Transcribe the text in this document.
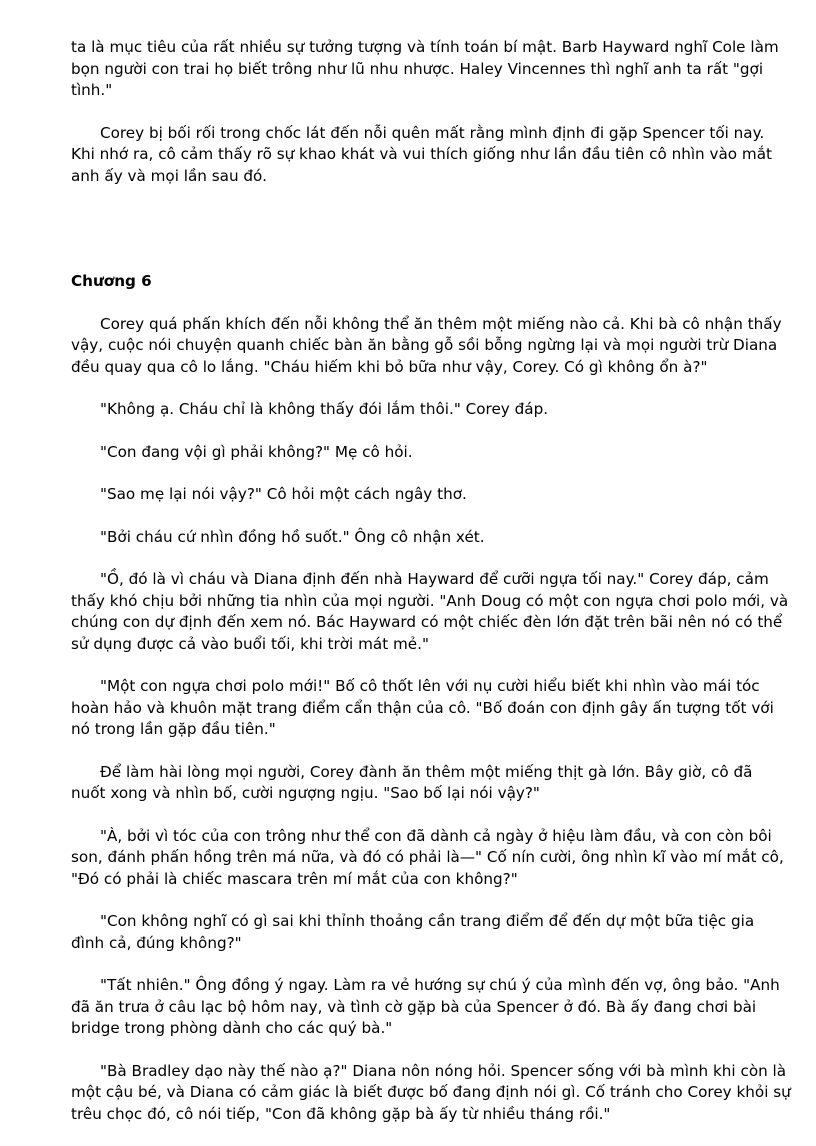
ta là mục tiêu của rất nhiều sự tưởng tượng và tính toán bí mật. Barb Hayward nghĩ Cole làm bọn người con trai họ biết trông như lũ nhu nhược. Haley Vincennes thì nghĩ anh ta rất "gợi tình."

Corey bị bối rối trong chốc lát đến nỗi quên mất rằng mình định đi gặp Spencer tối nay. Khi nhớ ra, cô cảm thấy rõ sự khao khát và vui thích giống như lần đầu tiên cô nhìn vào mắt anh ấy và mọi lần sau đó.

Chương 6

Corey quá phấn khích đến nỗi không thể ăn thêm một miếng nào cả. Khi bà cô nhận thấy vậy, cuộc nói chuyện quanh chiếc bàn ăn bằng gỗ sồi bỗng ngừng lại và mọi người trừ Diana đều quay qua cô lo lắng. "Cháu hiếm khi bỏ bữa như vậy, Corey. Có gì không ổn à?"

"Không ạ. Cháu chỉ là không thấy đói lắm thôi." Corey đáp.

"Con đang vội gì phải không?" Mẹ cô hỏi.

"Sao mẹ lại nói vậy?" Cô hỏi một cách ngây thơ.

"Bởi cháu cứ nhìn đồng hồ suốt." Ông cô nhận xét.

"Ồ, đó là vì cháu và Diana định đến nhà Hayward để cưỡi ngựa tối nay." Corey đáp, cảm thấy khó chịu bởi những tia nhìn của mọi người. "Anh Doug có một con ngựa chơi polo mới, và chúng con dự định đến xem nó. Bác Hayward có một chiếc đèn lớn đặt trên bãi nên nó có thể sử dụng được cả vào buổi tối, khi trời mát mẻ."

"Một con ngựa chơi polo mới!" Bố cô thốt lên với nụ cười hiểu biết khi nhìn vào mái tóc hoàn hảo và khuôn mặt trang điểm cẩn thận của cô. "Bố đoán con định gây ấn tượng tốt với nó trong lần gặp đầu tiên."

Để làm hài lòng mọi người, Corey đành ăn thêm một miếng thịt gà lớn. Bây giờ, cô đã nuốt xong và nhìn bố, cười ngượng ngịu. "Sao bố lại nói vậy?"

"À, bởi vì tóc của con trông như thể con đã dành cả ngày ở hiệu làm đầu, và con còn bôi son, đánh phấn hồng trên má nữa, và đó có phải là—" Cố nín cười, ông nhìn kĩ vào mí mắt cô, "Đó có phải là chiếc mascara trên mí mắt của con không?"

"Con không nghĩ có gì sai khi thỉnh thoảng cần trang điểm để đến dự một bữa tiệc gia đình cả, đúng không?"

"Tất nhiên." Ông đồng ý ngay. Làm ra vẻ hướng sự chú ý của mình đến vợ, ông bảo. "Anh đã ăn trưa ở câu lạc bộ hôm nay, và tình cờ gặp bà của Spencer ở đó. Bà ấy đang chơi bài bridge trong phòng dành cho các quý bà."

"Bà Bradley dạo này thế nào ạ?" Diana nôn nóng hỏi. Spencer sống với bà mình khi còn là một cậu bé, và Diana có cảm giác là biết được bố đang định nói gì. Cố tránh cho Corey khỏi sự trêu chọc đó, cô nói tiếp, "Con đã không gặp bà ấy từ nhiều tháng rồi."
